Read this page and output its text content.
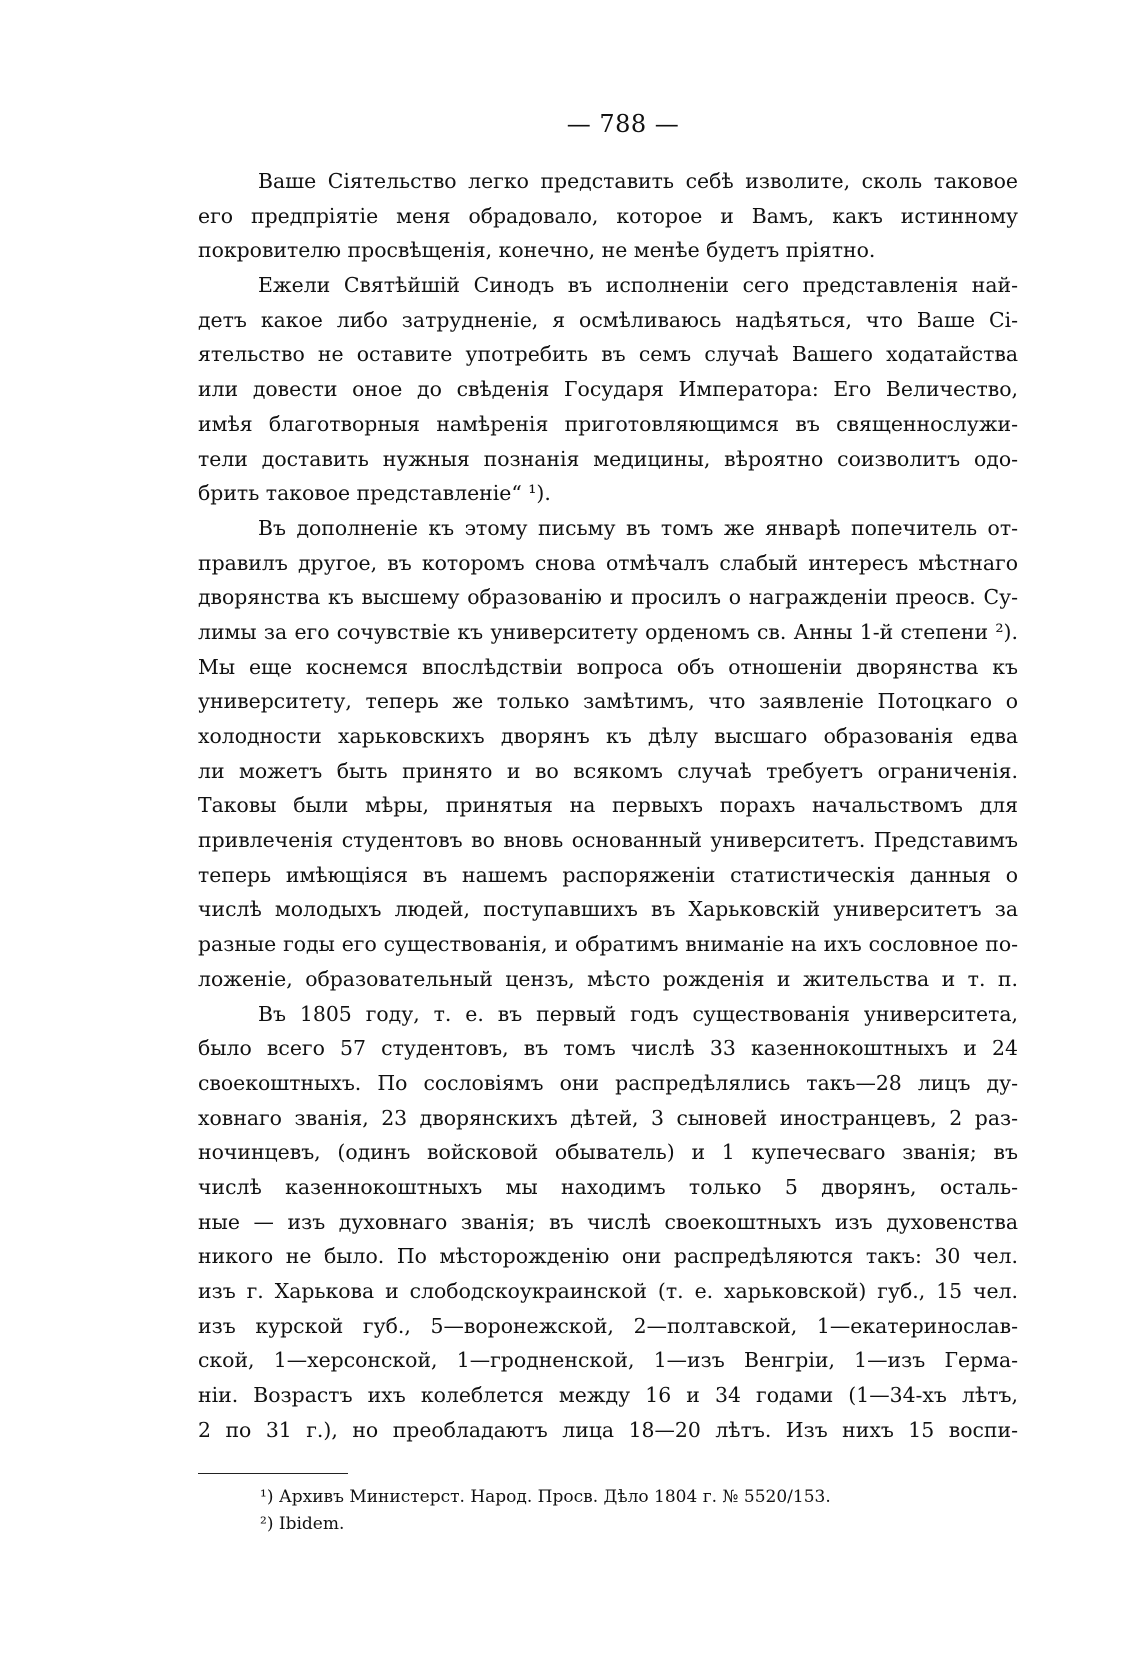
— 788 —
Ваше Сiятельство легко представить себѣ изволите, сколь таковое
его предпрiятiе меня обрадовало, которое и Вамъ, какъ истинному
покровителю просвѣщенiя, конечно, не менѣе будетъ прiятно.
Ежели Святѣйшiй Синодъ въ исполненiи сего представленiя най-
детъ какое либо затрудненiе, я осмѣливаюсь надѣяться, что Ваше Сi-
ятельство не оставите употребить въ семъ случаѣ Вашего ходатайства
или довести оное до свѣденiя Государя Императора: Его Величество,
имѣя благотворныя намѣренiя приготовляющимся въ священнослужи-
тели доставить нужныя познанiя медицины, вѣроятно соизволитъ одо-
брить таковое представленiе“ ¹).
Въ дополненiе къ этому письму въ томъ же январѣ попечитель от-
правилъ другое, въ которомъ снова отмѣчалъ слабый интересъ мѣстнаго
дворянства къ высшему образованiю и просилъ о награжденiи преосв. Су-
лимы за его сочувствiе къ университету орденомъ св. Анны 1-й степени ²).
Мы еще коснемся впослѣдствiи вопроса объ отношенiи дворянства къ
университету, теперь же только замѣтимъ, что заявленiе Потоцкаго о
холодности харьковскихъ дворянъ къ дѣлу высшаго образованiя едва
ли можетъ быть принято и во всякомъ случаѣ требуетъ ограниченiя.
Таковы были мѣры, принятыя на первыхъ порахъ начальствомъ для
привлеченiя студентовъ во вновь основанный университетъ. Представимъ
теперь имѣющiяся въ нашемъ распоряженiи статистическiя данныя о
числѣ молодыхъ людей, поступавшихъ въ Харьковскiй университетъ за
разные годы его существованiя, и обратимъ вниманiе на ихъ сословное по-
ложенiе, образовательный цензъ, мѣсто рожденiя и жительства и т. п.
Въ 1805 году, т. е. въ первый годъ существованiя университета,
было всего 57 студентовъ, въ томъ числѣ 33 казеннокоштныхъ и 24
своекоштныхъ. По сословiямъ они распредѣлялись такъ—28 лицъ ду-
ховнаго званiя, 23 дворянскихъ дѣтей, 3 сыновей иностранцевъ, 2 раз-
ночинцевъ, (одинъ войсковой обыватель) и 1 купечесваго званiя; въ
числѣ казеннокоштныхъ мы находимъ только 5 дворянъ, осталь-
ные — изъ духовнаго званiя; въ числѣ своекоштныхъ изъ духовенства
никого не было. По мѣсторожденiю они распредѣляются такъ: 30 чел.
изъ г. Харькова и слободскоукраинской (т. е. харьковской) губ., 15 чел.
изъ курской губ., 5—воронежской, 2—полтавской, 1—екатеринослав-
ской, 1—херсонской, 1—гродненской, 1—изъ Венгрiи, 1—изъ Герма-
нiи. Возрастъ ихъ колеблется между 16 и 34 годами (1—34-хъ лѣтъ,
2 по 31 г.), но преобладаютъ лица 18—20 лѣтъ. Изъ нихъ 15 воспи-
¹) Архивъ Министерст. Народ. Просв. Дѣло 1804 г. № 5520/153.
²) Ibidem.
